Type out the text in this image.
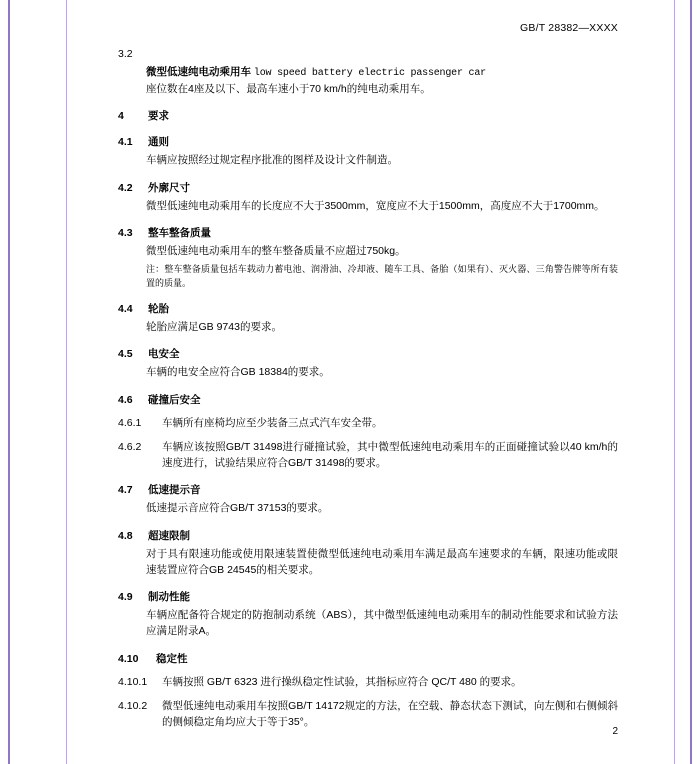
GB/T 28382—XXXX
3.2
微型低速纯电动乘用车 low speed battery electric passenger car
座位数在4座及以下、最高车速小于70 km/h的纯电动乘用车。
4	要求
4.1	通则
车辆应按照经过规定程序批准的图样及设计文件制造。
4.2	外廓尺寸
微型低速纯电动乘用车的长度应不大于3500mm，宽度应不大于1500mm，高度应不大于1700mm。
4.3	整车整备质量
微型低速纯电动乘用车的整车整备质量不应超过750kg。
注：整车整备质量包括车载动力蓄电池、润滑油、冷却液、随车工具、备胎（如果有）、灭火器、三角警告牌等所有装置的质量。
4.4	轮胎
轮胎应满足GB 9743的要求。
4.5	电安全
车辆的电安全应符合GB 18384的要求。
4.6	碰撞后安全
4.6.1	车辆所有座椅均应至少装备三点式汽车安全带。
4.6.2	车辆应该按照GB/T 31498进行碰撞试验，其中微型低速纯电动乘用车的正面碰撞试验以40 km/h的速度进行，试验结果应符合GB/T 31498的要求。
4.7	低速提示音
低速提示音应符合GB/T 37153的要求。
4.8	超速限制
对于具有限速功能或使用限速装置使微型低速纯电动乘用车满足最高车速要求的车辆，限速功能或限速装置应符合GB 24545的相关要求。
4.9	制动性能
车辆应配备符合规定的防抱制动系统（ABS），其中微型低速纯电动乘用车的制动性能要求和试验方法应满足附录A。
4.10	稳定性
4.10.1	车辆按照 GB/T 6323 进行操纵稳定性试验，其指标应符合 QC/T 480 的要求。
4.10.2	微型低速纯电动乘用车按照GB/T 14172规定的方法，在空载、静态状态下测试，向左侧和右侧倾斜的侧倾稳定角均应大于等于35°。
2
